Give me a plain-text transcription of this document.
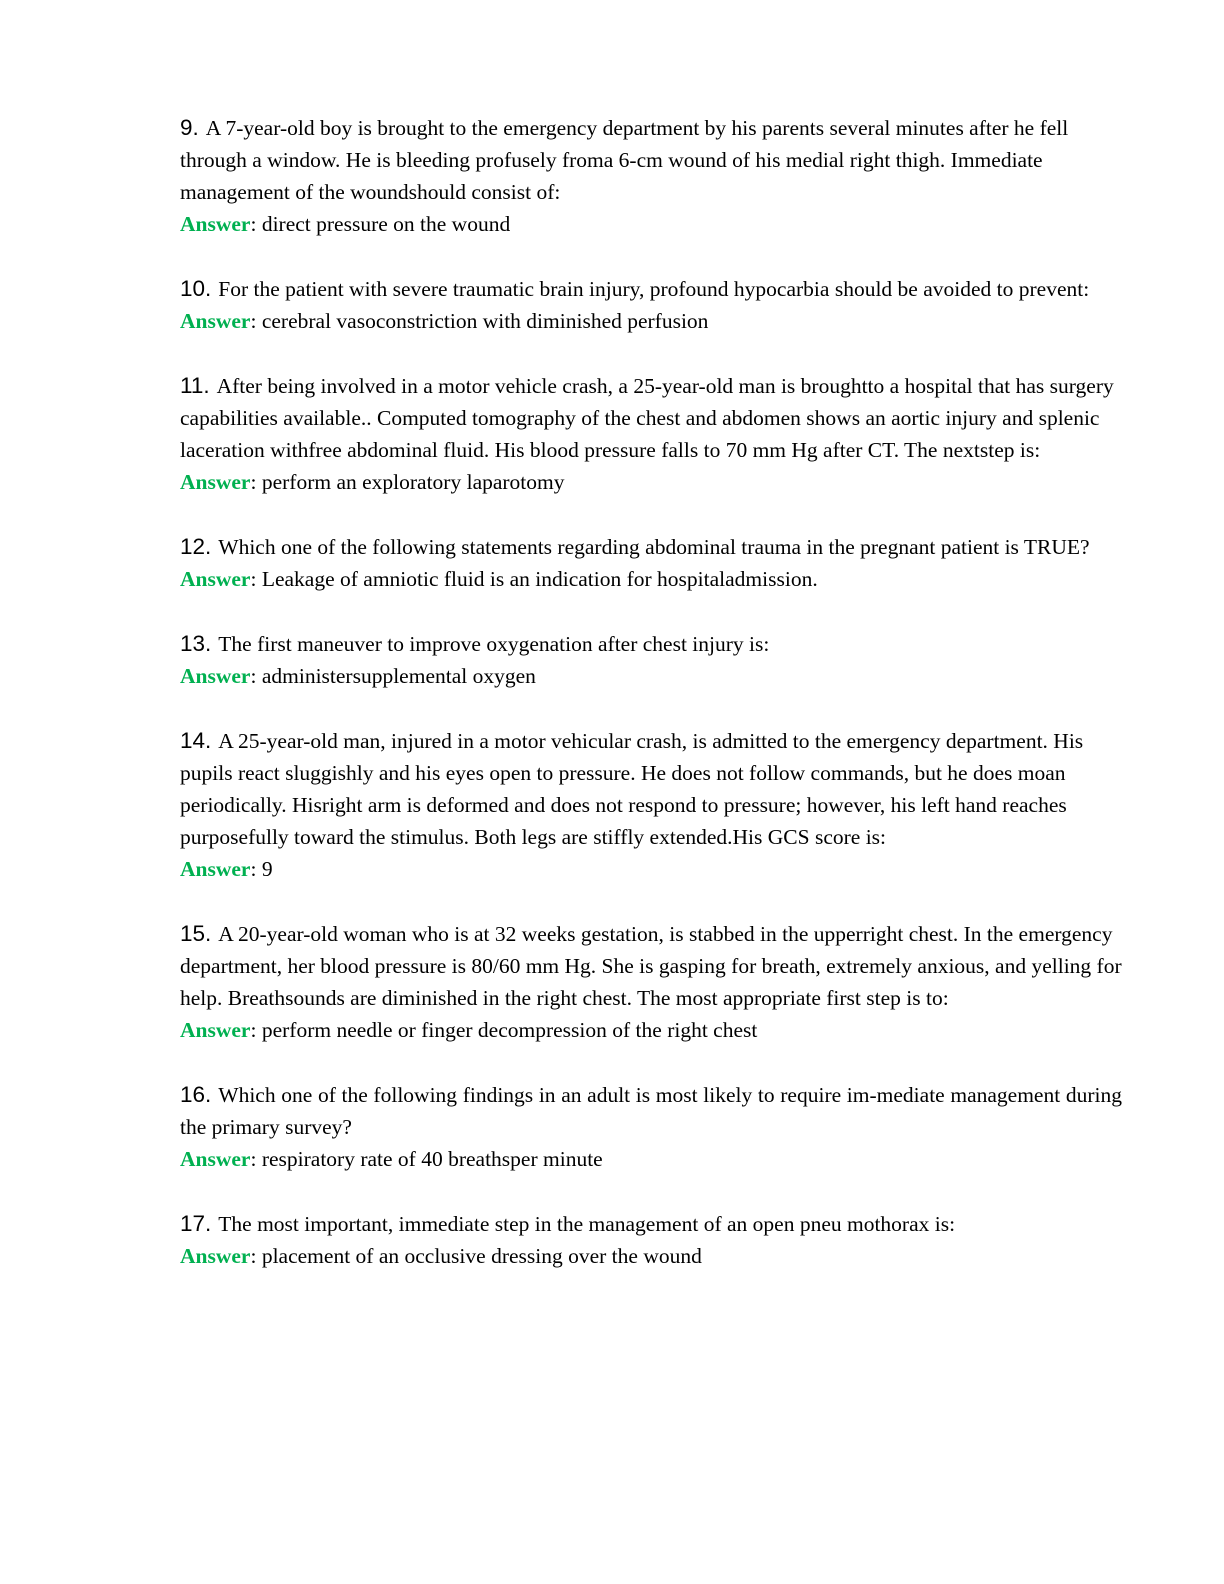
9. A 7-year-old boy is brought to the emergency department by his parents several minutes after he fell through a window. He is bleeding profusely froma 6-cm wound of his medial right thigh. Immediate management of the woundshould consist of:

Answer: direct pressure on the wound

10. For the patient with severe traumatic brain injury, profound hypocarbia should be avoided to prevent:

Answer: cerebral vasoconstriction with diminished perfusion

11. After being involved in a motor vehicle crash, a 25-year-old man is broughtto a hospital that has surgery capabilities available.. Computed tomography of the chest and abdomen shows an aortic injury and splenic laceration withfree abdominal fluid. His blood pressure falls to 70 mm Hg after CT. The nextstep is:

Answer: perform an exploratory laparotomy

12. Which one of the following statements regarding abdominal trauma in the pregnant patient is TRUE?

Answer: Leakage of amniotic fluid is an indication for hospitaladmission.

13. The first maneuver to improve oxygenation after chest injury is:

Answer: administersupplemental oxygen

14. A 25-year-old man, injured in a motor vehicular crash, is admitted to the emergency department. His pupils react sluggishly and his eyes open to pressure. He does not follow commands, but he does moan periodically. Hisright arm is deformed and does not respond to pressure; however, his left hand reaches purposefully toward the stimulus. Both legs are stiffly extended.His GCS score is:

Answer: 9

15. A 20-year-old woman who is at 32 weeks gestation, is stabbed in the upperright chest. In the emergency department, her blood pressure is 80/60 mm Hg. She is gasping for breath, extremely anxious, and yelling for help. Breathsounds are diminished in the right chest. The most appropriate first step is to:

Answer: perform needle or finger decompression of the right chest

16. Which one of the following findings in an adult is most likely to require im-mediate management during the primary survey?

Answer: respiratory rate of 40 breathsper minute

17. The most important, immediate step in the management of an open pneu mothorax is:

Answer: placement of an occlusive dressing over the wound
